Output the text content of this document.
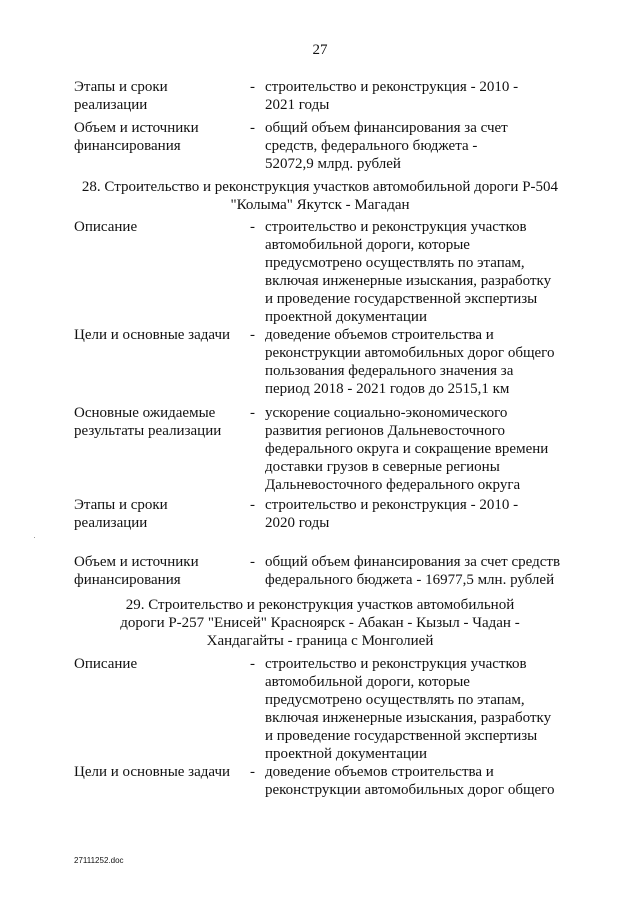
27
Этапы и сроки
реализации
- строительство и реконструкция - 2010 -
2021 годы
Объем и источники
финансирования
- общий объем финансирования за счет
средств, федерального бюджета -
52072,9 млрд. рублей
28. Строительство и реконструкция участков автомобильной дороги Р-504
"Колыма" Якутск - Магадан
Описание	- строительство и реконструкция участков
автомобильной дороги, которые
предусмотрено осуществлять по этапам,
включая инженерные изыскания, разработку
и проведение государственной экспертизы
проектной документации
Цели и основные задачи	- доведение объемов строительства и
реконструкции автомобильных дорог общего
пользования федерального значения за
период 2018 - 2021 годов до 2515,1 км
Основные ожидаемые
результаты реализации
- ускорение социально-экономического
развития регионов Дальневосточного
федерального округа и сокращение времени
доставки грузов в северные регионы
Дальневосточного федерального округа
Этапы и сроки
реализации
- строительство и реконструкция - 2010 -
2020 годы
Объем и источники
финансирования
- общий объем финансирования за счет средств
федерального бюджета - 16977,5 млн. рублей
29. Строительство и реконструкция участков автомобильной
дороги Р-257 "Енисей" Красноярск - Абакан - Кызыл - Чадан -
Хандагайты - граница с Монголией
Описание	- строительство и реконструкция участков
автомобильной дороги, которые
предусмотрено осуществлять по этапам,
включая инженерные изыскания, разработку
и проведение государственной экспертизы
проектной документации
Цели и основные задачи	- доведение объемов строительства и
реконструкции автомобильных дорог общего
27111252.doc
